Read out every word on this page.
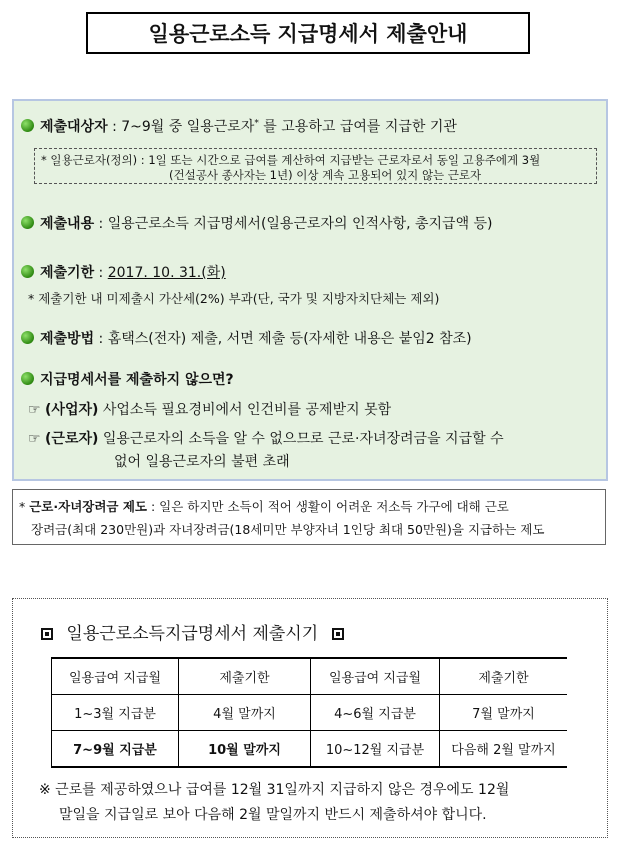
일용근로소득 지급명세서 제출안내
제출대상자 : 7~9월 중 일용근로자* 를 고용하고 급여를 지급한 기관
* 일용근로자(정의) : 1일 또는 시간으로 급여를 계산하여 지급받는 근로자로서 동일 고용주에게 3월
(건설공사 종사자는 1년) 이상 계속 고용되어 있지 않는 근로자
제출내용 : 일용근로소득 지급명세서(일용근로자의 인적사항, 총지급액 등)
제출기한 : 2017. 10. 31.(화)
* 제출기한 내 미제출시 가산세(2%) 부과(단, 국가 및 지방자치단체는 제외)
제출방법 : 홈택스(전자) 제출, 서면 제출 등(자세한 내용은 붙임2 참조)
지급명세서를 제출하지 않으면?
☞ (사업자) 사업소득 필요경비에서 인건비를 공제받지 못함
☞ (근로자) 일용근로자의 소득을 알 수 없으므로 근로·자녀장려금을 지급할 수
없어 일용근로자의 불편 초래
* 근로·자녀장려금 제도 : 일은 하지만 소득이 적어 생활이 어려운 저소득 가구에 대해 근로
장려금(최대 230만원)과 자녀장려금(18세미만 부양자녀 1인당 최대 50만원)을 지급하는 제도
일용근로소득지급명세서 제출시기
일용급여 지급월	제출기한	일용급여 지급월	제출기한
1~3월 지급분	4월 말까지	4~6월 지급분	7월 말까지
7~9월 지급분	10월 말까지	10~12월 지급분	다음해 2월 말까지
※ 근로를 제공하였으나 급여를 12월 31일까지 지급하지 않은 경우에도 12월
말일을 지급일로 보아 다음해 2월 말일까지 반드시 제출하셔야 합니다.
